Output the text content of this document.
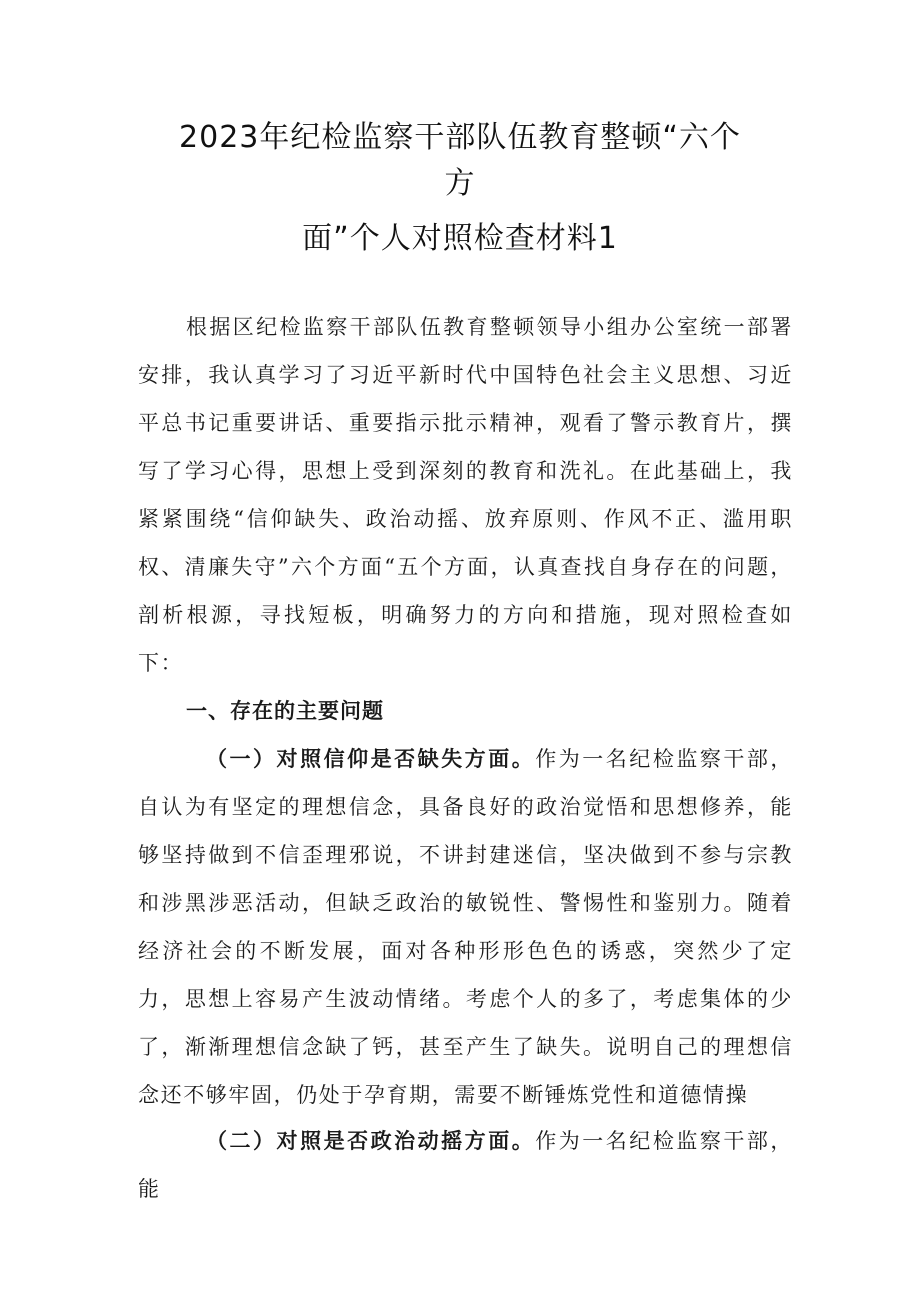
2023年纪检监察干部队伍教育整顿“六个
方
面”个人对照检查材料1

根据区纪检监察干部队伍教育整顿领导小组办公室统一部署安排，我认真学习了习近平新时代中国特色社会主义思想、习近平总书记重要讲话、重要指示批示精神，观看了警示教育片，撰写了学习心得，思想上受到深刻的教育和洗礼。在此基础上，我紧紧围绕“信仰缺失、政治动摇、放弃原则、作风不正、滥用职权、清廉失守”六个方面“五个方面，认真查找自身存在的问题，剖析根源，寻找短板，明确努力的方向和措施，现对照检查如下：

一、存在的主要问题

（一）对照信仰是否缺失方面。作为一名纪检监察干部，自认为有坚定的理想信念，具备良好的政治觉悟和思想修养，能够坚持做到不信歪理邪说，不讲封建迷信，坚决做到不参与宗教和涉黑涉恶活动，但缺乏政治的敏锐性、警惕性和鉴别力。随着经济社会的不断发展，面对各种形形色色的诱惑，突然少了定力，思想上容易产生波动情绪。考虑个人的多了，考虑集体的少了，渐渐理想信念缺了钙，甚至产生了缺失。说明自己的理想信念还不够牢固，仍处于孕育期，需要不断锤炼党性和道德情操

（二）对照是否政治动摇方面。作为一名纪检监察干部，能
